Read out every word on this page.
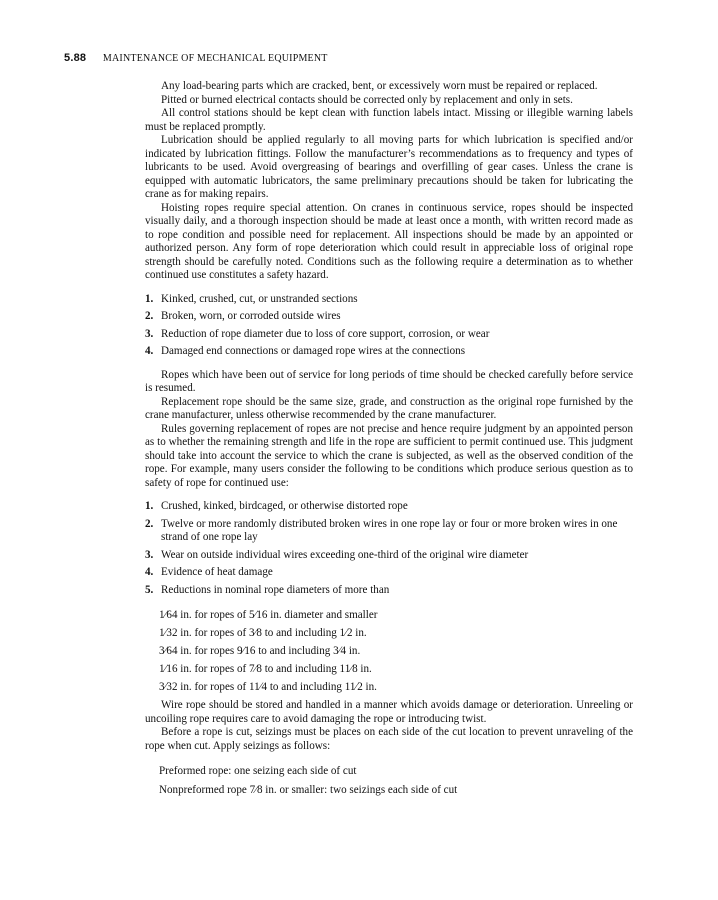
5.88 MAINTENANCE OF MECHANICAL EQUIPMENT

Any load-bearing parts which are cracked, bent, or excessively worn must be repaired or replaced.

Pitted or burned electrical contacts should be corrected only by replacement and only in sets.

All control stations should be kept clean with function labels intact. Missing or illegible warning labels must be replaced promptly.

Lubrication should be applied regularly to all moving parts for which lubrication is specified and/or indicated by lubrication fittings. Follow the manufacturer’s recommendations as to frequency and types of lubricants to be used. Avoid overgreasing of bearings and overfilling of gear cases. Unless the crane is equipped with automatic lubricators, the same preliminary precautions should be taken for lubricating the crane as for making repairs.

Hoisting ropes require special attention. On cranes in continuous service, ropes should be inspected visually daily, and a thorough inspection should be made at least once a month, with written record made as to rope condition and possible need for replacement. All inspections should be made by an appointed or authorized person. Any form of rope deterioration which could result in appreciable loss of original rope strength should be carefully noted. Conditions such as the following require a determination as to whether continued use constitutes a safety hazard.

1. Kinked, crushed, cut, or unstranded sections
2. Broken, worn, or corroded outside wires
3. Reduction of rope diameter due to loss of core support, corrosion, or wear
4. Damaged end connections or damaged rope wires at the connections

Ropes which have been out of service for long periods of time should be checked carefully before service is resumed.

Replacement rope should be the same size, grade, and construction as the original rope furnished by the crane manufacturer, unless otherwise recommended by the crane manufacturer.

Rules governing replacement of ropes are not precise and hence require judgment by an appointed person as to whether the remaining strength and life in the rope are sufficient to permit continued use. This judgment should take into account the service to which the crane is subjected, as well as the observed condition of the rope. For example, many users consider the following to be conditions which produce serious question as to safety of rope for continued use:

1. Crushed, kinked, birdcaged, or otherwise distorted rope
2. Twelve or more randomly distributed broken wires in one rope lay or four or more broken wires in one strand of one rope lay
3. Wear on outside individual wires exceeding one-third of the original wire diameter
4. Evidence of heat damage
5. Reductions in nominal rope diameters of more than
1⁄64 in. for ropes of 5⁄16 in. diameter and smaller
1⁄32 in. for ropes of 3⁄8 to and including 1⁄2 in.
3⁄64 in. for ropes 9⁄16 to and including 3⁄4 in.
1⁄16 in. for ropes of 7⁄8 to and including 11⁄8 in.
3⁄32 in. for ropes of 11⁄4 to and including 11⁄2 in.

Wire rope should be stored and handled in a manner which avoids damage or deterioration. Unreeling or uncoiling rope requires care to avoid damaging the rope or introducing twist.

Before a rope is cut, seizings must be places on each side of the cut location to prevent unraveling of the rope when cut. Apply seizings as follows:

Preformed rope: one seizing each side of cut
Nonpreformed rope 7⁄8 in. or smaller: two seizings each side of cut
